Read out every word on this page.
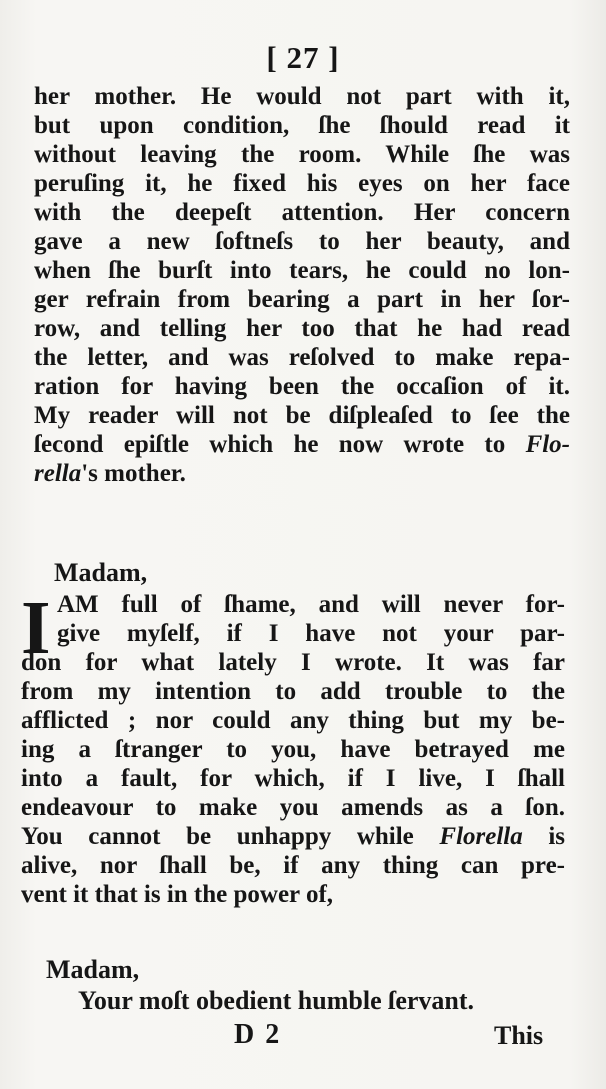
[ 27 ]
her mother. He would not part with it,
but upon condition, ſhe ſhould read it
without leaving the room. While ſhe was
peruſing it, he fixed his eyes on her face
with the deepeſt attention. Her concern
gave a new ſoftneſs to her beauty, and
when ſhe burſt into tears, he could no lon-
ger refrain from bearing a part in her ſor-
row, and telling her too that he had read
the letter, and was reſolved to make repa-
ration for having been the occaſion of it.
My reader will not be diſpleaſed to ſee the
ſecond epiſtle which he now wrote to Flo-
rella's mother.
Madam,
I AM full of ſhame, and will never for-
give myſelf, if I have not your par-
don for what lately I wrote. It was far
from my intention to add trouble to the
afflicted ; nor could any thing but my be-
ing a ſtranger to you, have betrayed me
into a fault, for which, if I live, I ſhall
endeavour to make you amends as a ſon.
You cannot be unhappy while Florella is
alive, nor ſhall be, if any thing can pre-
vent it that is in the power of,
Madam,
Your moſt obedient humble ſervant.
D 2	This
